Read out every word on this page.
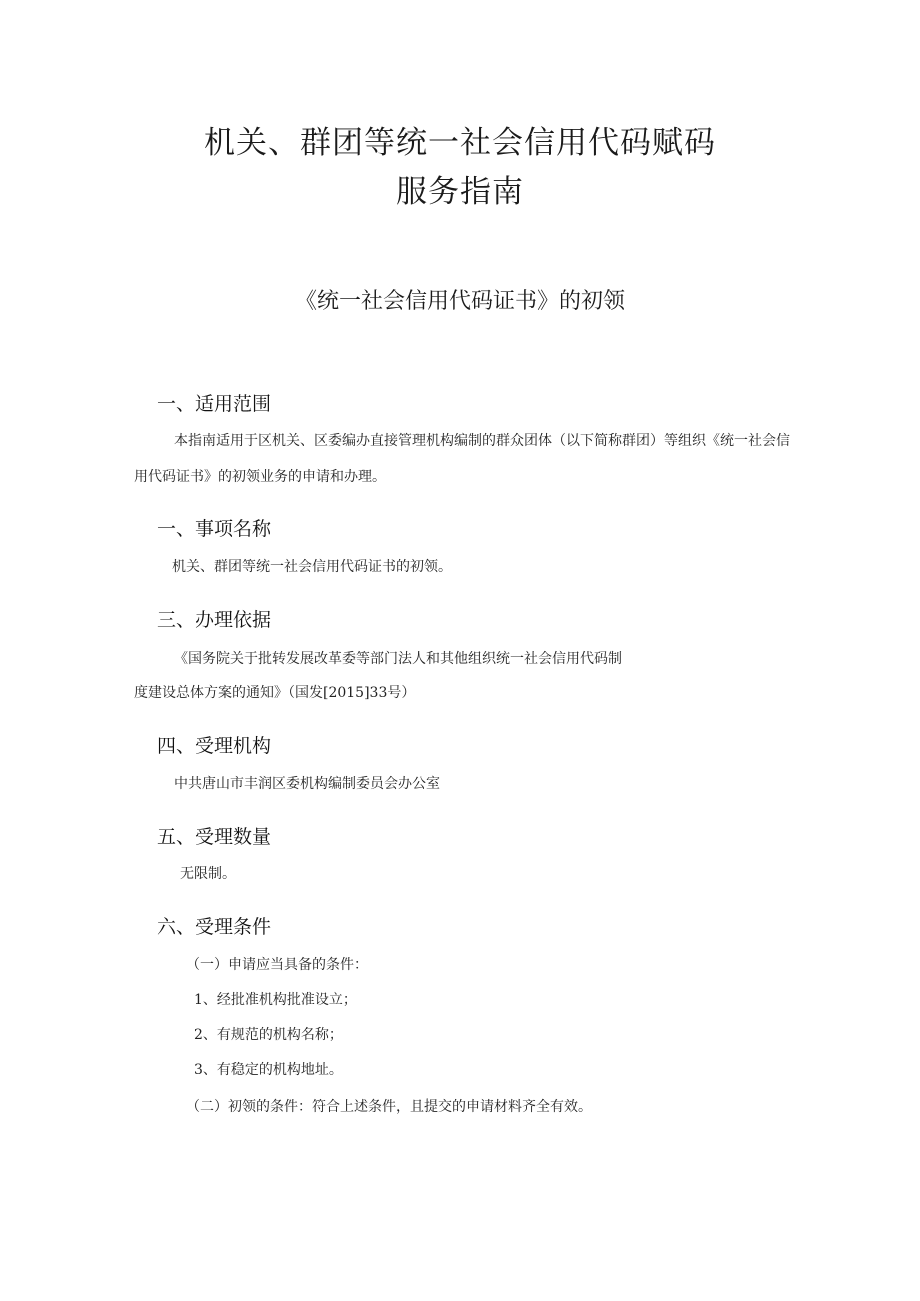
机关、群团等统一社会信用代码赋码
服务指南
《统一社会信用代码证书》的初领
一、适用范围
本指南适用于区机关、区委编办直接管理机构编制的群众团体（以下简称群团）等组织《统一社会信
用代码证书》的初领业务的申请和办理。
一、事项名称
机关、群团等统一社会信用代码证书的初领。
三、办理依据
《国务院关于批转发展改革委等部门法人和其他组织统一社会信用代码制
度建设总体方案的通知》（国发[2015]33号）
四、受理机构
中共唐山市丰润区委机构编制委员会办公室
五、受理数量
无限制。
六、受理条件
（一）申请应当具备的条件：
1、经批准机构批准设立；
2、有规范的机构名称；
3、有稳定的机构地址。
（二）初领的条件：符合上述条件，且提交的申请材料齐全有效。
